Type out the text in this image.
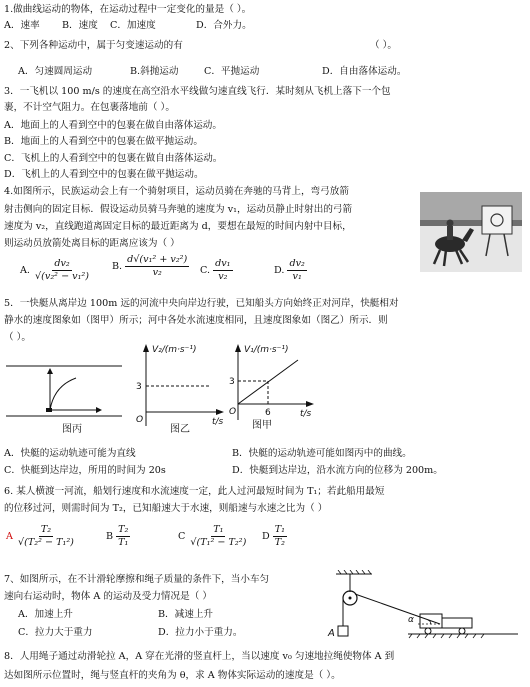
1.做曲线运动的物体，在运动过程中一定变化的量是（ ）。
A．速率 B．速度 C．加速度	D．合外力。
2、下列各种运动中，属于匀变速运动的有	（ ）。
A．匀速圆周运动	B.斜抛运动	C．平抛运动	D．自由落体运动。
3．一飞机以 100 m/s 的速度在高空沿水平线做匀速直线飞行．某时刻从飞机上落下一个包
裹，不计空气阻力。在包裹落地前（ ）。
A．地面上的人看到空中的包裹在做自由落体运动。
B．地面上的人看到空中的包裹在做平抛运动。
C．飞机上的人看到空中的包裹在做自由落体运动。
D．飞机上的人看到空中的包裹在做平抛运动。
4.如图所示，民族运动会上有一个骑射项目，运动员骑在奔驰的马背上，弯弓放箭
射击侧向的固定目标．假设运动员骑马奔驰的速度为 v₁，运动员静止时射出的弓箭
速度为 v₂，直线跑道离固定目标的最近距离为 d，要想在最短的时间内射中目标，
则运动员放箭处离目标的距离应该为（ ）
A. $\frac{\text{dv₂}}{\text{√(v₂² − v₁²)}} B$. $\frac{\text{d√(v₁² + v₂²)}}{\text{v₂}} C$. $\frac{\text{dv₁}}{\text{v₂}}$	D. $\frac{\text{dv₂}}{\text{v₁}}$
5．一快艇从离岸边 100m 远的河流中央向岸边行驶，已知船头方向始终正对河岸，快艇相对
静水的速度图象如（图甲）所示；河中各处水流速度相同，且速度图象如（图乙）所示．则
（ ）。
图丙
V₂/(m·s⁻¹)
3
O	t/s
图乙
V₁/(m·s⁻¹)
3
6
O	t/s
图甲
A．快艇的运动轨迹可能为直线	B．快艇的运动轨迹可能如图丙中的曲线。
C．快艇到达岸边，所用的时间为 20s	D．快艇到达岸边，沿水流方向的位移为 200m。
6. 某人横渡一河流，船划行速度和水流速度一定，此人过河最短时间为 T₁；若此船用最短
的位移过河，则需时间为 T₂，已知船速大于水速，则船速与水速之比为（ ）
A $\frac{\text{T₂}}{\text{√(T₂² − T₁²)}}$	B $\frac{\text{T₂}}{\text{T₁}}$	C $\frac{\text{T₁}}{\text{√(T₁² − T₂²)}}$ D $\frac{\text{T₁}}{\text{T₂}}$
7、如图所示，在不计滑轮摩擦和绳子质量的条件下，当小车匀
速向右运动时，物体 A 的运动及受力情况是（ ）
A．加速上升	B．减速上升
C．拉力大于重力	D．拉力小于重力。	A
α
8．人用绳子通过动滑轮拉 A，A 穿在光滑的竖直杆上，当以速度 v₀ 匀速地拉绳使物体 A 到
达如图所示位置时，绳与竖直杆的夹角为 θ，求 A 物体实际运动的速度是（ ）。
